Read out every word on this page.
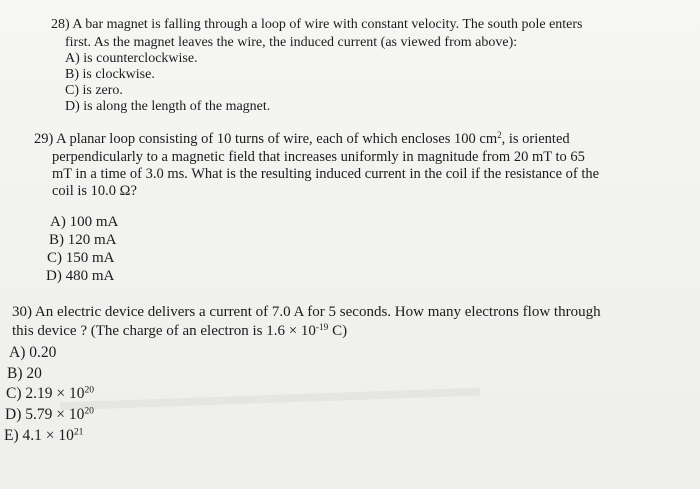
28) A bar magnet is falling through a loop of wire with constant velocity. The south pole enters
first. As the magnet leaves the wire, the induced current (as viewed from above):
A) is counterclockwise.
B) is clockwise.
C) is zero.
D) is along the length of the magnet.
29) A planar loop consisting of 10 turns of wire, each of which encloses 100 $cm^2$, is oriented
perpendicularly to a magnetic field that increases uniformly in magnitude from 20 mT to 65
mT in a time of 3.0 ms. What is the resulting induced current in the coil if the resistance of the
coil is 10.0 Ω?
A) 100 mA
B) 120 mA
C) 150 mA
D) 480 mA
30) An electric device delivers a current of 7.0 A for 5 seconds. How many electrons flow through
this device ? (The charge of an electron is $1.6 \times 10^{-19}$ C)
A) 0.20
B) 20
C) $2.19 \times 10^{20}$
D) $5.79 \times 10^{20}$
E) $4.1 \times 10^{21}$
